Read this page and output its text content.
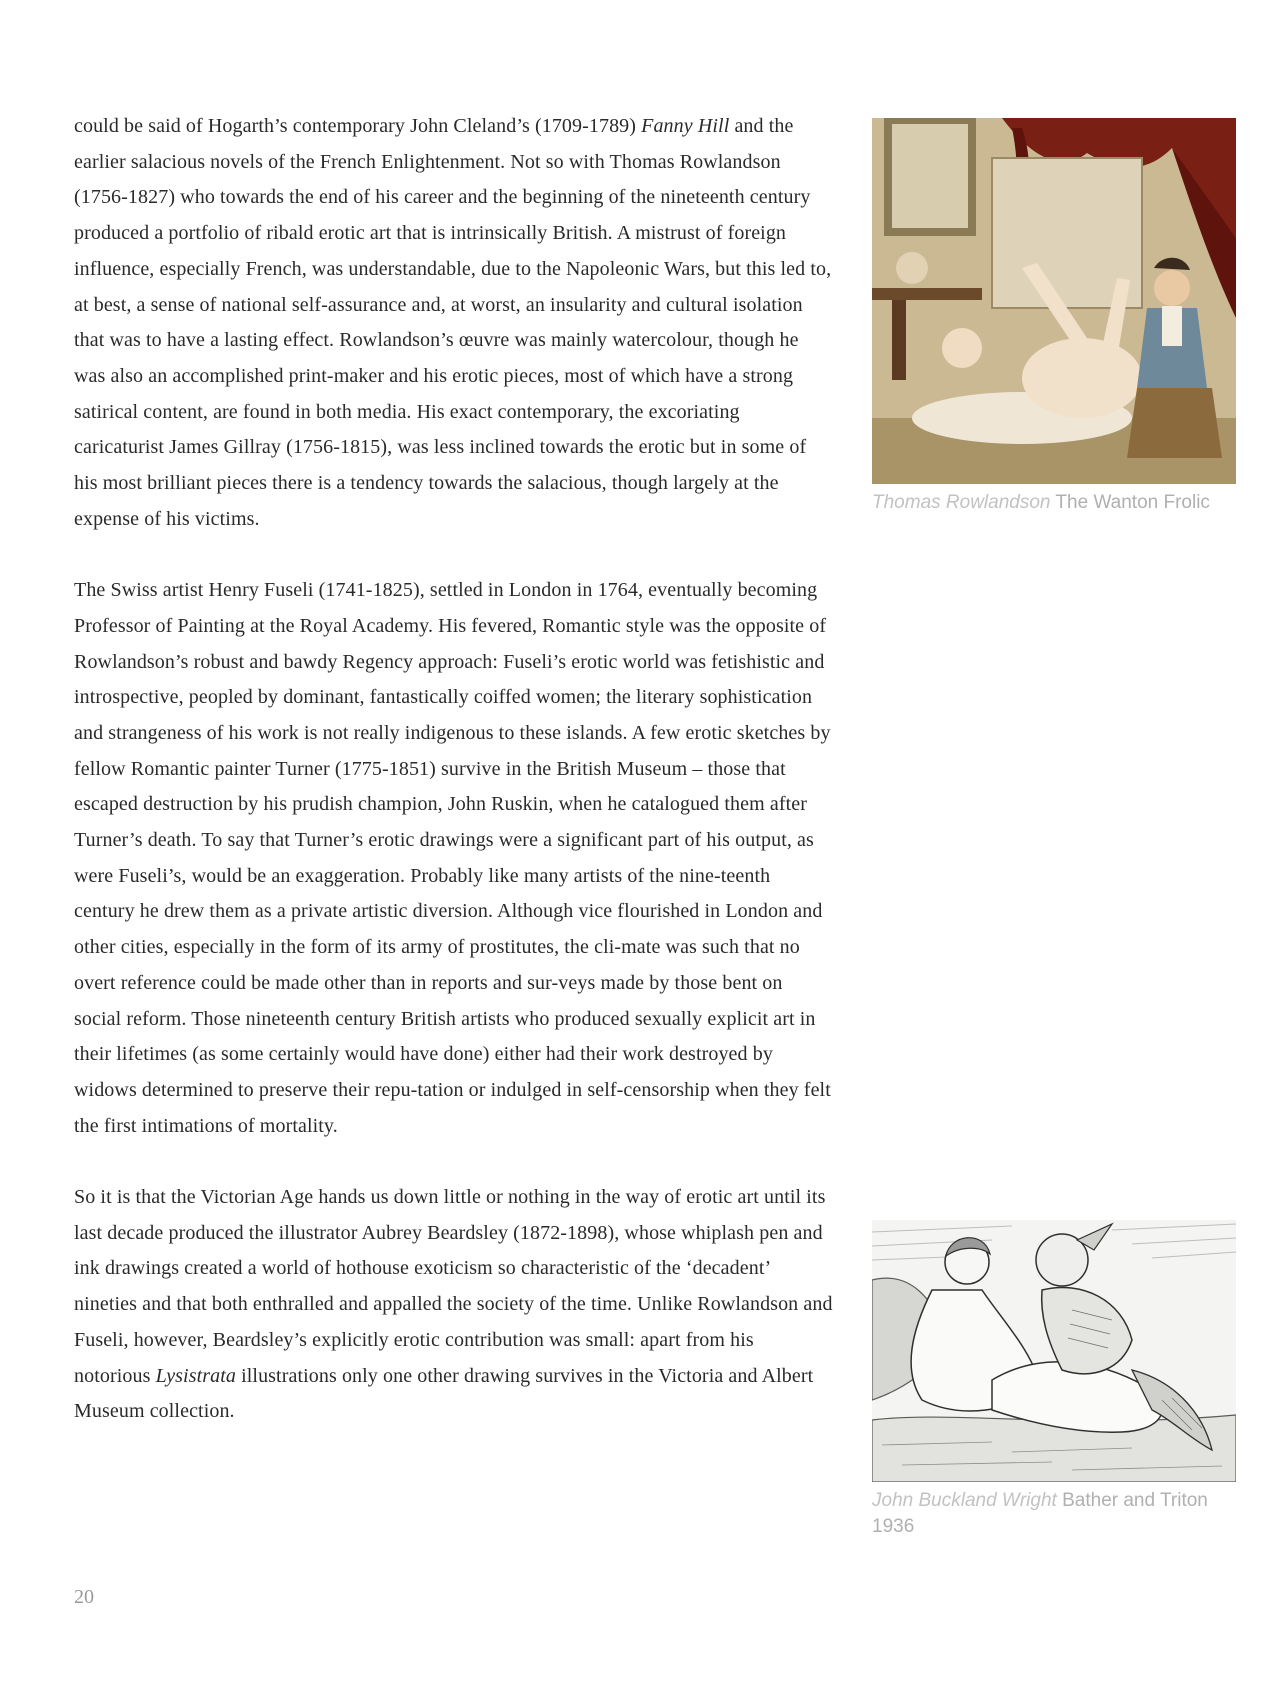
could be said of Hogarth’s contemporary John Cleland’s (1709-1789) Fanny Hill and the earlier salacious novels of the French Enlightenment. Not so with Thomas Rowlandson (1756-1827) who towards the end of his career and the beginning of the nineteenth century produced a portfolio of ribald erotic art that is intrinsically British. A mistrust of foreign influence, especially French, was understandable, due to the Napoleonic Wars, but this led to, at best, a sense of national self-assurance and, at worst, an insularity and cultural isolation that was to have a lasting effect. Rowlandson’s œuvre was mainly watercolour, though he was also an accomplished print-maker and his erotic pieces, most of which have a strong satirical content, are found in both media. His exact contemporary, the excoriating caricaturist James Gillray (1756-1815), was less inclined towards the erotic but in some of his most brilliant pieces there is a tendency towards the salacious, though largely at the expense of his victims.

The Swiss artist Henry Fuseli (1741-1825), settled in London in 1764, eventually becoming Professor of Painting at the Royal Academy. His fevered, Romantic style was the opposite of Rowlandson’s robust and bawdy Regency approach: Fuseli’s erotic world was fetishistic and introspective, peopled by dominant, fantastically coiffed women; the literary sophistication and strangeness of his work is not really indigenous to these islands. A few erotic sketches by fellow Romantic painter Turner (1775-1851) survive in the British Museum – those that escaped destruction by his prudish champion, John Ruskin, when he catalogued them after Turner’s death. To say that Turner’s erotic drawings were a significant part of his output, as were Fuseli’s, would be an exaggeration. Probably like many artists of the nine-teenth century he drew them as a private artistic diversion. Although vice flourished in London and other cities, especially in the form of its army of prostitutes, the cli-mate was such that no overt reference could be made other than in reports and sur-veys made by those bent on social reform. Those nineteenth century British artists who produced sexually explicit art in their lifetimes (as some certainly would have done) either had their work destroyed by widows determined to preserve their repu-tation or indulged in self-censorship when they felt the first intimations of mortality.

So it is that the Victorian Age hands us down little or nothing in the way of erotic art until its last decade produced the illustrator Aubrey Beardsley (1872-1898), whose whiplash pen and ink drawings created a world of hothouse exoticism so characteristic of the ‘decadent’ nineties and that both enthralled and appalled the society of the time. Unlike Rowlandson and Fuseli, however, Beardsley’s explicitly erotic contribution was small: apart from his notorious Lysistrata illustrations only one other drawing survives in the Victoria and Albert Museum collection.

Thomas Rowlandson The Wanton Frolic
John Buckland Wright Bather and Triton 1936
20
